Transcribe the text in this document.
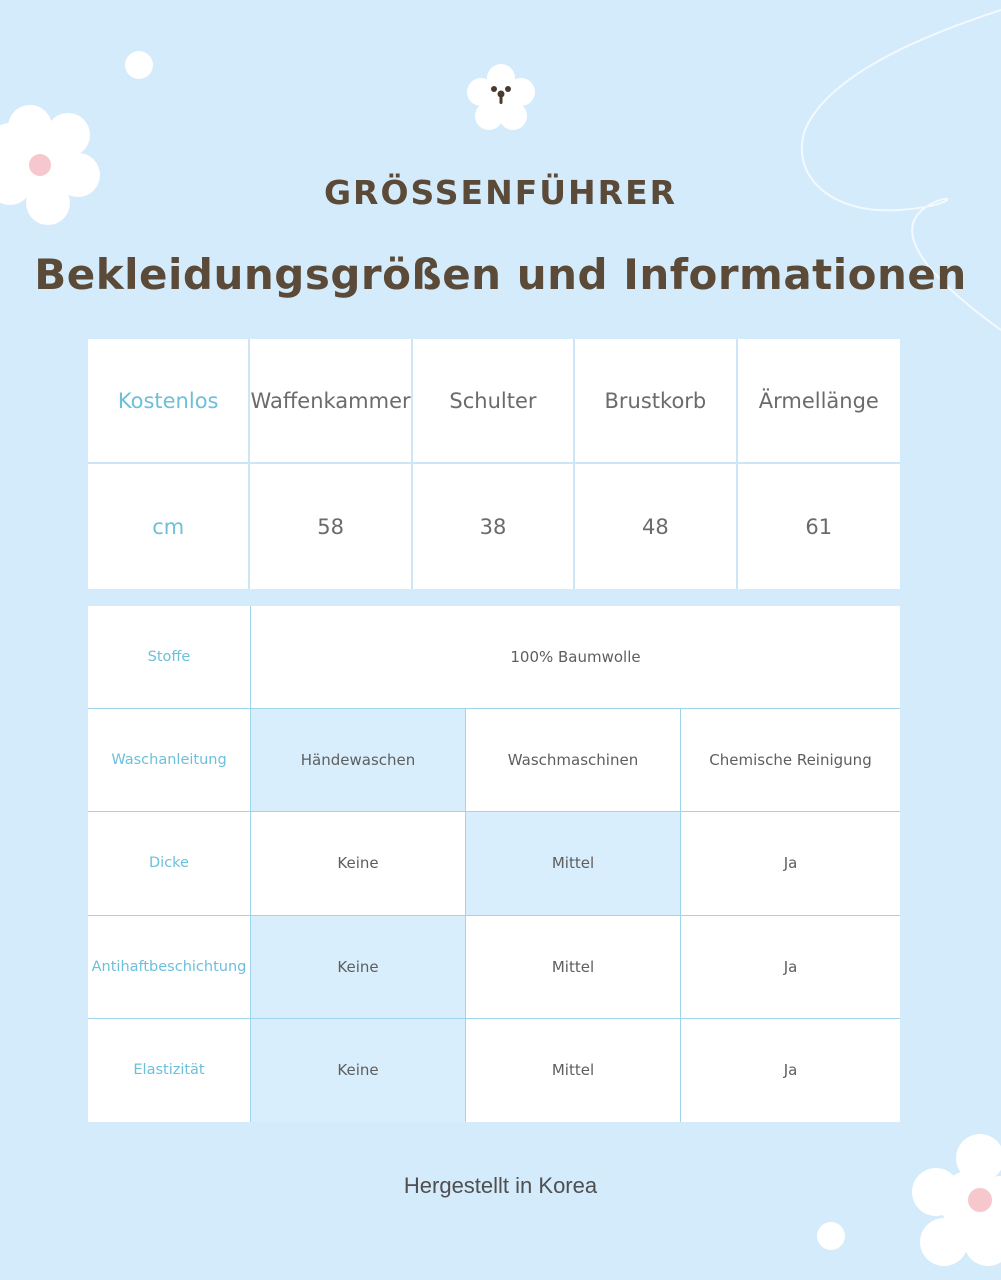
GRÖSSENFÜHRER
Bekleidungsgrößen und Informationen
Kostenlos	Waffenkammer	Schulter	Brustkorb	Ärmellänge
cm	58	38	48	61
Stoffe	100% Baumwolle
Waschanleitung	Händewaschen	Waschmaschinen	Chemische Reinigung
Dicke	Keine	Mittel	Ja
Antihaftbeschichtung	Keine	Mittel	Ja
Elastizität	Keine	Mittel	Ja
Hergestellt in Korea
